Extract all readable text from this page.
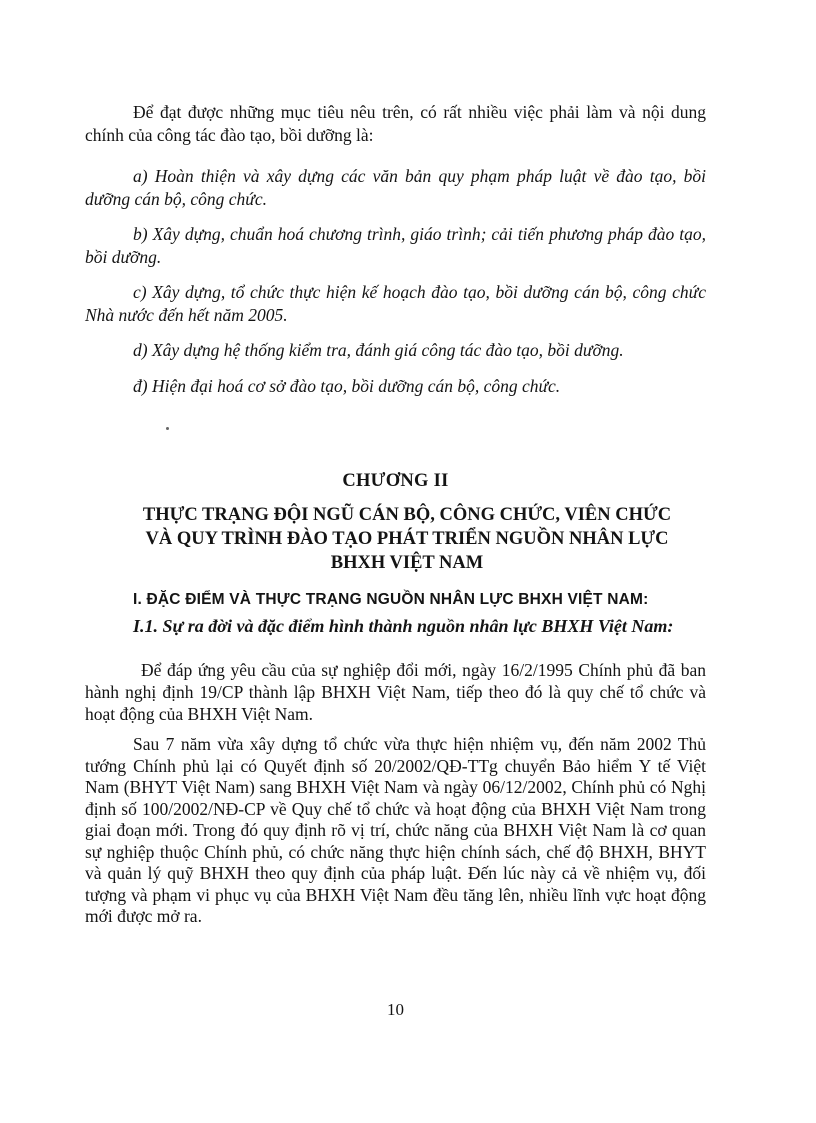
Để đạt được những mục tiêu nêu trên, có rất nhiều việc phải làm và nội dung chính của công tác đào tạo, bồi dưỡng là:

a) Hoàn thiện và xây dựng các văn bản quy phạm pháp luật về đào tạo, bồi dưỡng cán bộ, công chức.

b) Xây dựng, chuẩn hoá chương trình, giáo trình; cải tiến phương pháp đào tạo, bồi dưỡng.

c) Xây dựng, tổ chức thực hiện kế hoạch đào tạo, bồi dưỡng cán bộ, công chức Nhà nước đến hết năm 2005.

d) Xây dựng hệ thống kiểm tra, đánh giá công tác đào tạo, bồi dưỡng.

đ) Hiện đại hoá cơ sở đào tạo, bồi dưỡng cán bộ, công chức.

CHƯƠNG II
THỰC TRẠNG ĐỘI NGŨ CÁN BỘ, CÔNG CHỨC, VIÊN CHỨC
VÀ QUY TRÌNH ĐÀO TẠO PHÁT TRIỂN NGUỒN NHÂN LỰC
BHXH VIỆT NAM
I. ĐẶC ĐIỂM VÀ THỰC TRẠNG NGUỒN NHÂN LỰC BHXH VIỆT NAM:
I.1. Sự ra đời và đặc điểm hình thành nguồn nhân lực BHXH Việt Nam:

Để đáp ứng yêu cầu của sự nghiệp đổi mới, ngày 16/2/1995 Chính phủ đã ban hành nghị định 19/CP thành lập BHXH Việt Nam, tiếp theo đó là quy chế tổ chức và hoạt động của BHXH Việt Nam.

Sau 7 năm vừa xây dựng tổ chức vừa thực hiện nhiệm vụ, đến năm 2002 Thủ tướng Chính phủ lại có Quyết định số 20/2002/QĐ-TTg chuyển Bảo hiểm Y tế Việt Nam (BHYT Việt Nam) sang BHXH Việt Nam và ngày 06/12/2002, Chính phủ có Nghị định số 100/2002/NĐ-CP về Quy chế tổ chức và hoạt động của BHXH Việt Nam trong giai đoạn mới. Trong đó quy định rõ vị trí, chức năng của BHXH Việt Nam là cơ quan sự nghiệp thuộc Chính phủ, có chức năng thực hiện chính sách, chế độ BHXH, BHYT và quản lý quỹ BHXH theo quy định của pháp luật. Đến lúc này cả về nhiệm vụ, đối tượng và phạm vi phục vụ của BHXH Việt Nam đều tăng lên, nhiều lĩnh vực hoạt động mới được mở ra.

10
